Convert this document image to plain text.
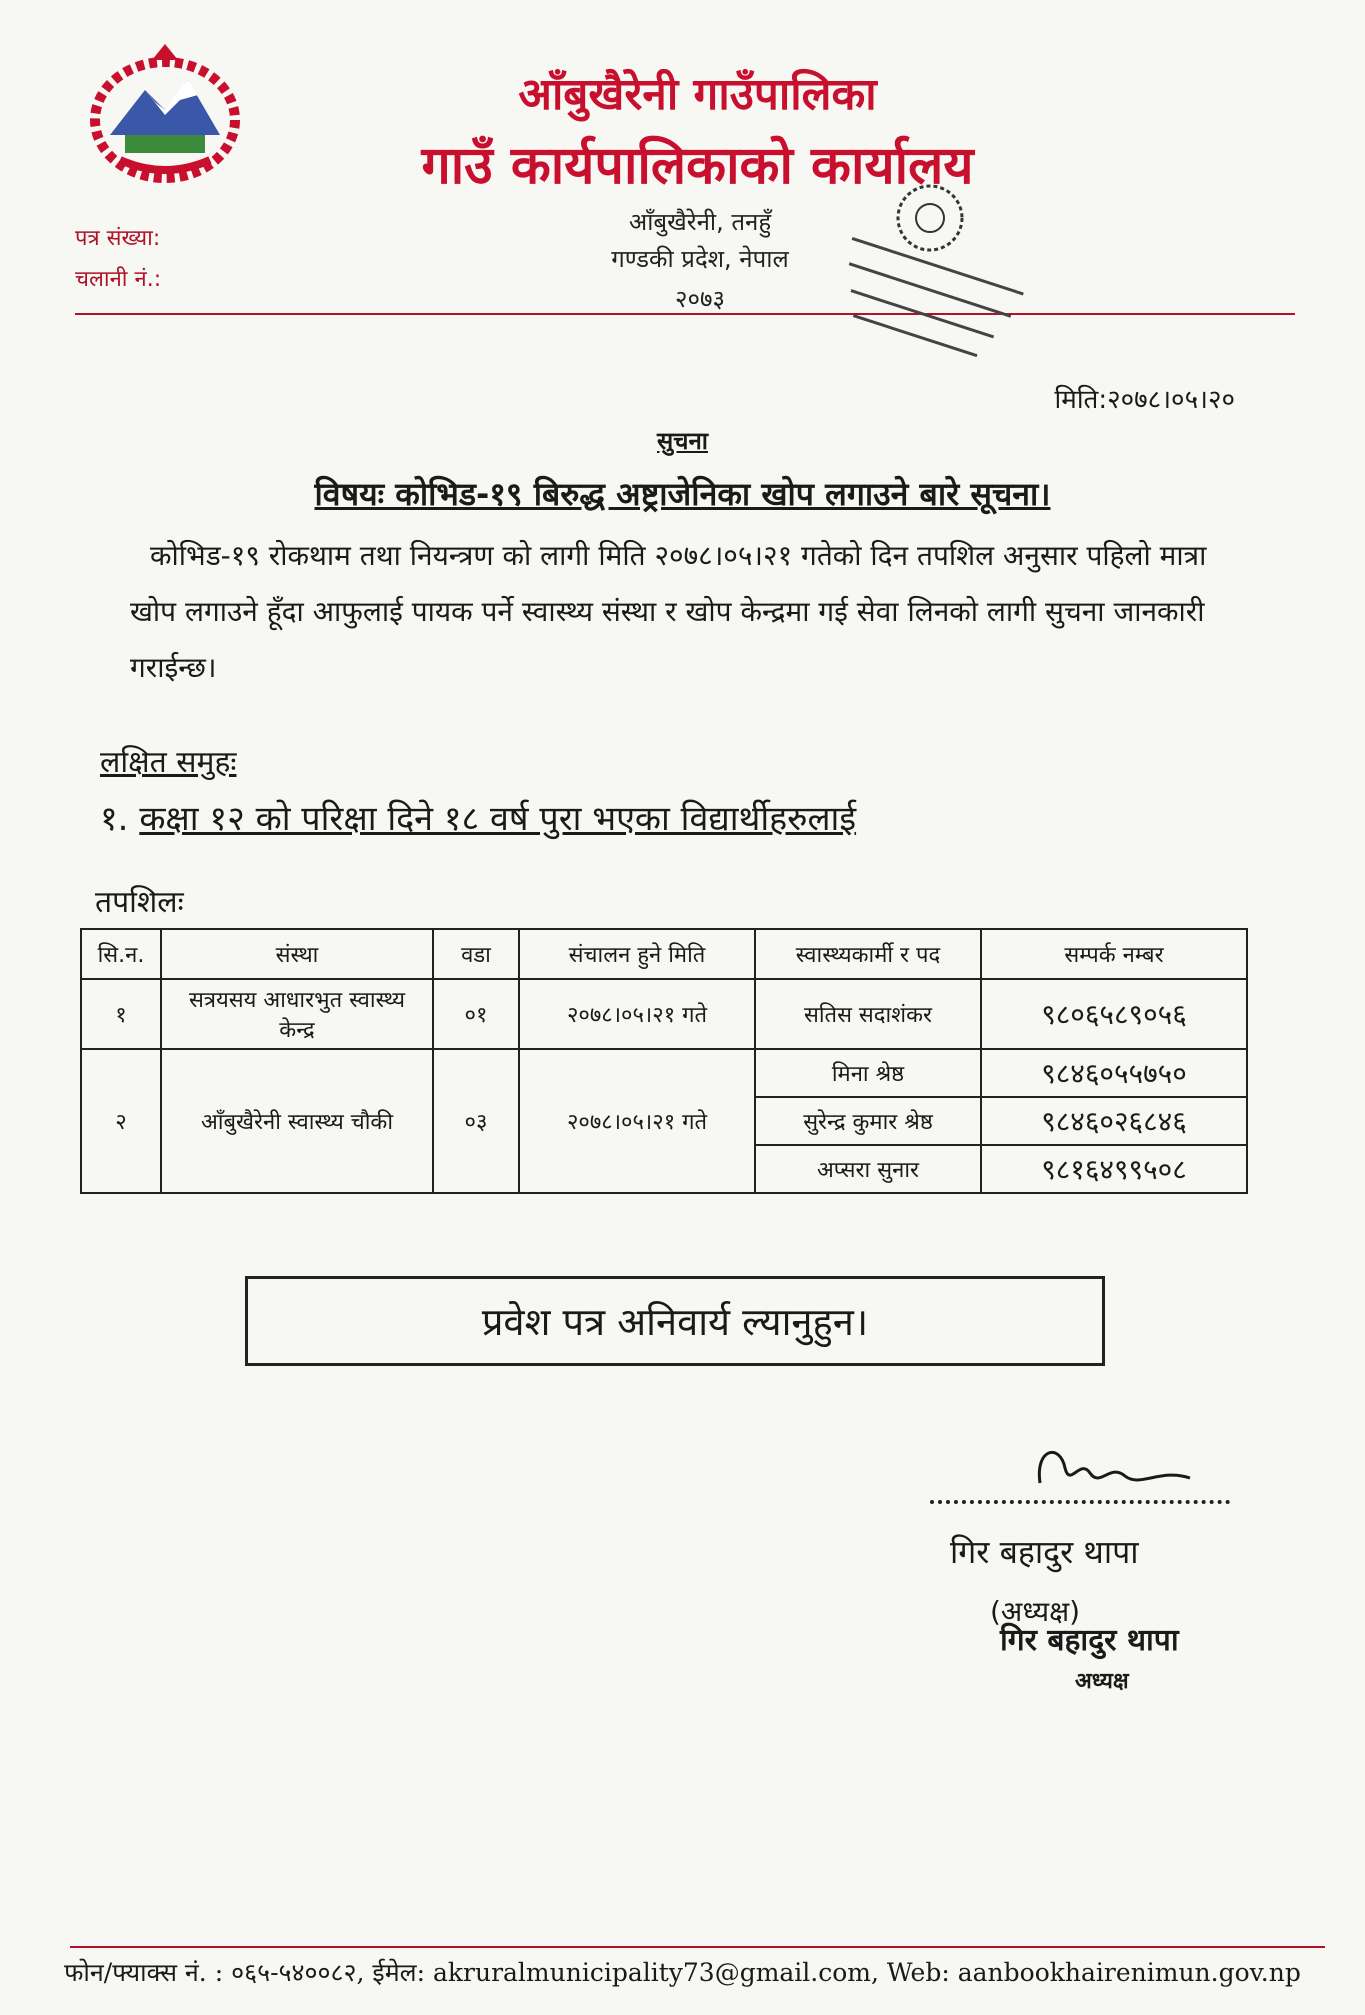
आँबुखैरेनी गाउँपालिका
गाउँ कार्यपालिकाको कार्यालय
आँबुखैरेनी, तनहुँ
गण्डकी प्रदेश, नेपाल
२०७३
पत्र संख्या:
चलानी नं.:
मिति:२०७८।०५।२०
सुचना
विषयः कोभिड-१९ बिरुद्ध अष्ट्राजेनिका खोप लगाउने बारे सूचना।
कोभिड-१९ रोकथाम तथा नियन्त्रण को लागी मिति २०७८।०५।२१ गतेको दिन तपशिल अनुसार पहिलो मात्रा खोप लगाउने हूँदा आफुलाई पायक पर्ने स्वास्थ्य संस्था र खोप केन्द्रमा गई सेवा लिनको लागी सुचना जानकारी गराईन्छ।
लक्षित समुहः
१. कक्षा १२ को परिक्षा दिने १८ वर्ष पुरा भएका विद्यार्थीहरुलाई
तपशिलः
सि.न.	संस्था	वडा	संचालन हुने मिति	स्वास्थ्यकार्मी र पद	सम्पर्क नम्बर
१	सत्रयसय आधारभुत स्वास्थ्य केन्द्र	०१	२०७८।०५।२१ गते	सतिस सदाशंकर	९८०६५८९०५६
२	आँबुखैरेनी स्वास्थ्य चौकी	०३	२०७८।०५।२१ गते	मिना श्रेष्ठ	९८४६०५५७५०
				सुरेन्द्र कुमार श्रेष्ठ	९८४६०२६८४६
				अप्सरा सुनार	९८१६४९९५०८
प्रवेश पत्र अनिवार्य ल्यानुहुन।
गिर बहादुर थापा
(अध्यक्ष)
गिर बहादुर थापा
अध्यक्ष
फोन/फ्याक्स नं. : ०६५-५४००८२, ईमेल: akruralmunicipality73@gmail.com, Web: aanbookhairenimun.gov.np
